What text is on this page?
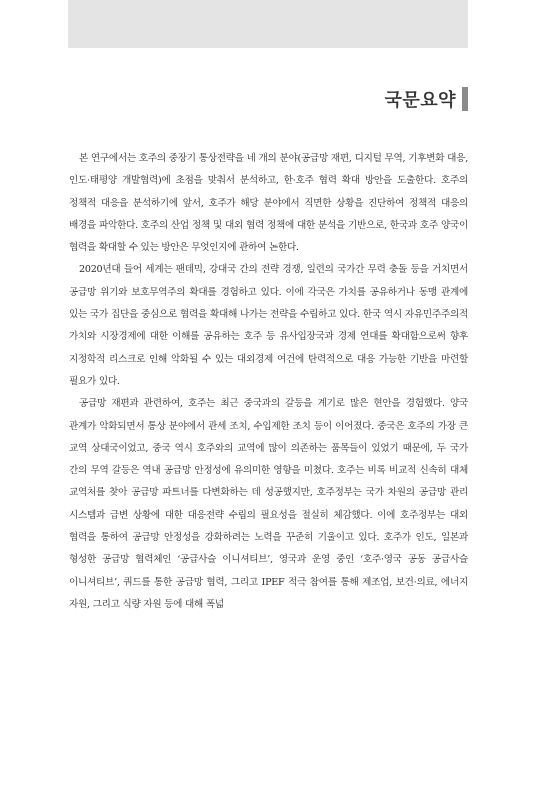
국문요약

본 연구에서는 호주의 중장기 통상전략을 네 개의 분야(공급망 재편, 디지털 무역, 기후변화 대응, 인도·태평양 개발협력)에 초점을 맞춰서 분석하고, 한·호주 협력 확대 방안을 도출한다. 호주의 정책적 대응을 분석하기에 앞서, 호주가 해당 분야에서 직면한 상황을 진단하여 정책적 대응의 배경을 파악한다. 호주의 산업 정책 및 대외 협력 정책에 대한 분석을 기반으로, 한국과 호주 양국이 협력을 확대할 수 있는 방안은 무엇인지에 관하여 논한다.

2020년대 들어 세계는 팬데믹, 강대국 간의 전략 경쟁, 일련의 국가간 무력 충돌 등을 거치면서 공급망 위기와 보호무역주의 확대를 경험하고 있다. 이에 각국은 가치를 공유하거나 동맹 관계에 있는 국가 집단을 중심으로 협력을 확대해 나가는 전략을 수립하고 있다. 한국 역시 자유민주주의적 가치와 시장경제에 대한 이해를 공유하는 호주 등 유사입장국과 경제 연대를 확대함으로써 향후 지정학적 리스크로 인해 악화될 수 있는 대외경제 여건에 탄력적으로 대응 가능한 기반을 마련할 필요가 있다.

공급망 재편과 관련하여, 호주는 최근 중국과의 갈등을 계기로 많은 현안을 경험했다. 양국 관계가 악화되면서 통상 분야에서 관세 조치, 수입제한 조치 등이 이어졌다. 중국은 호주의 가장 큰 교역 상대국이었고, 중국 역시 호주와의 교역에 많이 의존하는 품목들이 있었기 때문에, 두 국가 간의 무역 갈등은 역내 공급망 안정성에 유의미한 영향을 미쳤다. 호주는 비록 비교적 신속히 대체 교역처를 찾아 공급망 파트너를 다변화하는 데 성공했지만, 호주정부는 국가 차원의 공급망 관리 시스템과 급변 상황에 대한 대응전략 수립의 필요성을 절실히 체감했다. 이에 호주정부는 대외 협력을 통하여 공급망 안정성을 강화하려는 노력을 꾸준히 기울이고 있다. 호주가 인도, 일본과 형성한 공급망 협력체인 ‘공급사슬 이니셔티브’, 영국과 운영 중인 ‘호주·영국 공동 공급사슬 이니셔티브’, 쿼드를 통한 공급망 협력, 그리고 IPEF 적극 참여를 통해 제조업, 보건·의료, 에너지 자원, 그리고 식량 자원 등에 대해 폭넓
